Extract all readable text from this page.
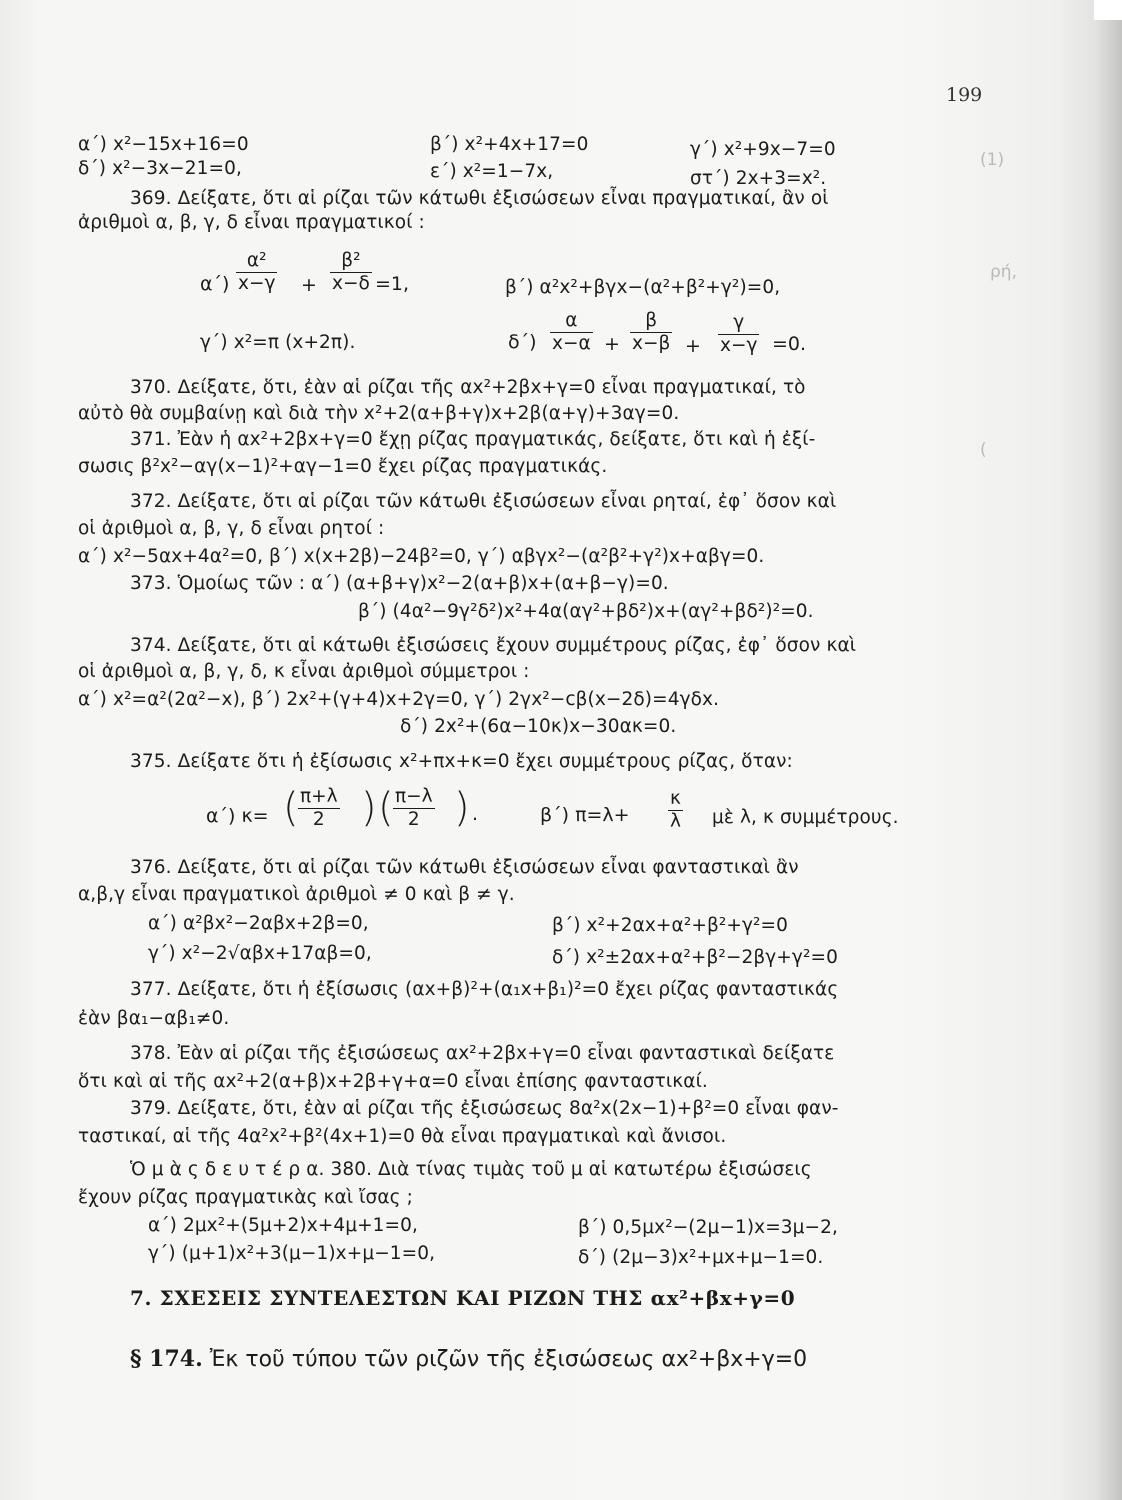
(1)
ρή,
(
199
α΄) x²−15x+16=0	β΄) x²+4x+17=0	γ΄) x²+9x−7=0
δ΄) x²−3x−21=0,	ε΄) x²=1−7x,	στ΄) 2x+3=x².
369. Δείξατε, ὅτι αἱ ρίζαι τῶν κάτωθι ἐξισώσεων εἶναι πραγματικαί, ἂν οἱ
ἀριθμοὶ α, β, γ, δ εἶναι πραγματικοί :
$\alpha΄) \frac{\text{α²}}{x-\gamma} + \frac{\text{β²}}{x-\delta} =1$,	β΄) α²x²+βγx−(α²+β²+γ²)=0,
γ΄) x²=π (x+2π).	$\delta΄) \frac{\alpha}{x-\alpha} + \frac{\beta}{x-\beta} + \frac{\gamma}{x-\gamma} =0$.
370. Δείξατε, ὅτι, ἐὰν αἱ ρίζαι τῆς αx²+2βx+γ=0 εἶναι πραγματικαί, τὸ
αὐτὸ θὰ συμβαίνῃ καὶ διὰ τὴν x²+2(α+β+γ)x+2β(α+γ)+3αγ=0.
371. Ἐὰν ἡ αx²+2βx+γ=0 ἔχῃ ρίζας πραγματικάς, δείξατε, ὅτι καὶ ἡ ἐξί-
σωσις β²x²−αγ(x−1)²+αγ−1=0 ἔχει ρίζας πραγματικάς.
372. Δείξατε, ὅτι αἱ ρίζαι τῶν κάτωθι ἐξισώσεων εἶναι ρηταί, ἐφ᾽ ὅσον καὶ
οἱ ἀριθμοὶ α, β, γ, δ εἶναι ρητοί :
α΄) x²−5αx+4α²=0, β΄) x(x+2β)−24β²=0, γ΄) αβγx²−(α²β²+γ²)x+αβγ=0.
373. Ὁμοίως τῶν : α΄) (α+β+γ)x²−2(α+β)x+(α+β−γ)=0.
β΄) (4α²−9γ²δ²)x²+4α(αγ²+βδ²)x+(αγ²+βδ²)²=0.
374. Δείξατε, ὅτι αἱ κάτωθι ἐξισώσεις ἔχουν συμμέτρους ρίζας, ἐφ᾽ ὅσον καὶ
οἱ ἀριθμοὶ α, β, γ, δ, κ εἶναι ἀριθμοὶ σύμμετροι :
α΄) x²=α²(2α²−x), β΄) 2x²+(γ+4)x+2γ=0, γ΄) 2γx²−cβ(x−2δ)=4γδx.
δ΄) 2x²+(6α−10κ)x−30ακ=0.
375. Δείξατε ὅτι ἡ ἐξίσωσις x²+πx+κ=0 ἔχει συμμέτρους ρίζας, ὅταν:
α΄) κ= ( $\frac{\pi+\lambda}{2}$ ) ( $\frac{\pi-\lambda}{2}$ ) .	β΄) $\pi=\lambda+ \frac{\kappa}{\lambda}$ μὲ λ, κ συμμέτρους.
376. Δείξατε, ὅτι αἱ ρίζαι τῶν κάτωθι ἐξισώσεων εἶναι φανταστικαὶ ἂν
α,β,γ εἶναι πραγματικοὶ ἀριθμοὶ ≠ 0 καὶ β ≠ γ.
α΄) α²βx²−2αβx+2β=0,	β΄) x²+2αx+α²+β²+γ²=0
γ΄) x²−2√αβx+17αβ=0,	δ΄) x²±2αx+α²+β²−2βγ+γ²=0
377. Δείξατε, ὅτι ἡ ἐξίσωσις (αx+β)²+(α₁x+β₁)²=0 ἔχει ρίζας φανταστικάς
ἐὰν βα₁−αβ₁≠0.
378. Ἐὰν αἱ ρίζαι τῆς ἐξισώσεως αx²+2βx+γ=0 εἶναι φανταστικαὶ δείξατε
ὅτι καὶ αἱ τῆς αx²+2(α+β)x+2β+γ+α=0 εἶναι ἐπίσης φανταστικαί.
379. Δείξατε, ὅτι, ἐὰν αἱ ρίζαι τῆς ἐξισώσεως 8α²x(2x−1)+β²=0 εἶναι φαν-
ταστικαί, αἱ τῆς 4α²x²+β²(4x+1)=0 θὰ εἶναι πραγματικαὶ καὶ ἄνισοι.
Ὁ μ ὰ ς δ ε υ τ έ ρ α. 380. Διὰ τίνας τιμὰς τοῦ μ αἱ κατωτέρω ἐξισώσεις
ἔχουν ρίζας πραγματικὰς καὶ ἴσας ;
α΄) 2μx²+(5μ+2)x+4μ+1=0,	β΄) 0,5μx²−(2μ−1)x=3μ−2,
γ΄) (μ+1)x²+3(μ−1)x+μ−1=0,	δ΄) (2μ−3)x²+μx+μ−1=0.
7. ΣΧΕΣΕΙΣ ΣΥΝΤΕΛΕΣΤΩΝ ΚΑΙ ΡΙΖΩΝ ΤΗΣ αx²+βx+γ=0
§ 174. Ἐκ τοῦ τύπου τῶν ριζῶν τῆς ἐξισώσεως αx²+βx+γ=0
